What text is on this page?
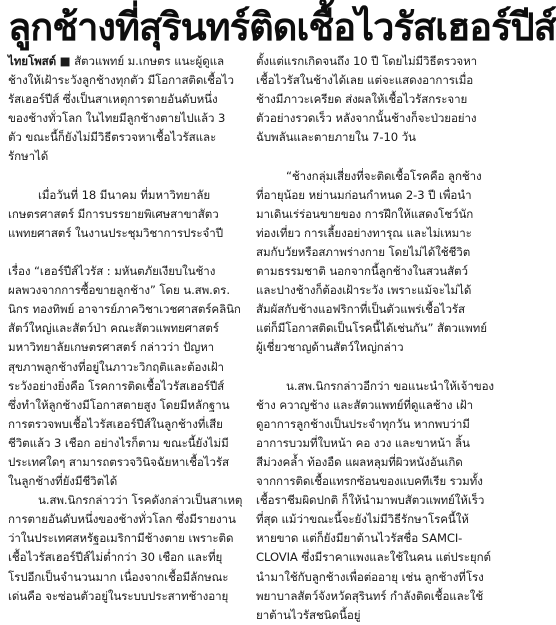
ลูกช้างที่สุรินทร์ติดเชื้อไวรัสเฮอร์ปีส์
ไทยโพสต์ ■ สัตวแพทย์ ม.เกษตร แนะผู้ดูแล
ช้างให้เฝ้าระวังลูกช้างทุกตัว มีโอกาสติดเชื้อไว
รัสเฮอร์ปีส์ ซึ่งเป็นสาเหตุการตายอันดับหนึ่ง
ของช้างทั่วโลก ในไทยมีลูกช้างตายไปแล้ว 3
ตัว ขณะนี้ก็ยังไม่มีวิธีตรวจหาเชื้อไวรัสและ
รักษาได้
เมื่อวันที่ 18 มีนาคม ที่มหาวิทยาลัย
เกษตรศาสตร์ มีการบรรยายพิเศษสาขาสัตว
แพทยศาสตร์ ในงานประชุมวิชาการประจำปี
เรื่อง “เฮอร์ปีส์ไวรัส : มหันตภัยเงียบในช้าง
ผลพวงจากการซื้อขายลูกช้าง” โดย น.สพ.ดร.
นิกร ทองทิพย์ อาจารย์ภาควิชาเวชศาสตร์คลินิก
สัตว์ใหญ่และสัตว์ป่า คณะสัตวแพทยศาสตร์
มหาวิทยาลัยเกษตรศาสตร์ กล่าวว่า ปัญหา
สุขภาพลูกช้างที่อยู่ในภาวะวิกฤติและต้องเฝ้า
ระวังอย่างยิ่งคือ โรคการติดเชื้อไวรัสเฮอร์ปีส์
ซึ่งทำให้ลูกช้างมีโอกาสตายสูง โดยมีหลักฐาน
การตรวจพบเชื้อไวรัสเฮอร์ปีส์ในลูกช้างที่เสีย
ชีวิตแล้ว 3 เชือก อย่างไรก็ตาม ขณะนี้ยังไม่มี
ประเทศใดๆ สามารถตรวจวินิจฉัยหาเชื้อไวรัส
ในลูกช้างที่ยังมีชีวิตได้
น.สพ.นิกรกล่าวว่า โรคดังกล่าวเป็นสาเหตุ
การตายอันดับหนึ่งของช้างทั่วโลก ซึ่งมีรายงาน
ว่าในประเทศสหรัฐอเมริกามีช้างตาย เพราะติด
เชื้อไวรัสเฮอร์ปีส์ไม่ต่ำกว่า 30 เชือก และที่ยุ
โรปอีกเป็นจำนวนมาก เนื่องจากเชื้อมีลักษณะ
เด่นคือ จะซ่อนตัวอยู่ในระบบประสาทช้างอายุ
ตั้งแต่แรกเกิดจนถึง 10 ปี โดยไม่มีวิธีตรวจหา
เชื้อไวรัสในช้างได้เลย แต่จะแสดงอาการเมื่อ
ช้างมีภาวะเครียด ส่งผลให้เชื้อไวรัสกระจาย
ตัวอย่างรวดเร็ว หลังจากนั้นช้างก็จะป่วยอย่าง
ฉับพลันและตายภายใน 7-10 วัน
“ช้างกลุ่มเสี่ยงที่จะติดเชื้อโรคคือ ลูกช้าง
ที่อายุน้อย หย่านมก่อนกำหนด 2-3 ปี เพื่อนำ
มาเดินเร่ร่อนขายของ การฝึกให้แสดงโชว์นัก
ท่องเที่ยว การเลี้ยงอย่างทารุณ และไม่เหมาะ
สมกับวัยหรือสภาพร่างกาย โดยไม่ได้ใช้ชีวิต
ตามธรรมชาติ นอกจากนี้ลูกช้างในสวนสัตว์
และปางช้างก็ต้องเฝ้าระวัง เพราะแม้จะไม่ได้
สัมผัสกับช้างแอฟริกาที่เป็นตัวแพร่เชื้อไวรัส
แต่ก็มีโอกาสติดเป็นโรคนี้ได้เช่นกัน” สัตวแพทย์
ผู้เชี่ยวชาญด้านสัตว์ใหญ่กล่าว
น.สพ.นิกรกล่าวอีกว่า ขอแนะนำให้เจ้าของ
ช้าง ควาญช้าง และสัตวแพทย์ที่ดูแลช้าง เฝ้า
ดูอาการลูกช้างเป็นประจำทุกวัน หากพบว่ามี
อาการบวมที่ใบหน้า คอ งวง และขาหน้า ลิ้น
สีม่วงคล้ำ ท้องอืด แผลหลุมที่ผิวหนังอันเกิด
จากการติดเชื้อแทรกซ้อนของแบคทีเรีย รวมทั้ง
เชื้อราชีมผิดปกติ ก็ให้นำมาพบสัตวแพทย์ให้เร็ว
ที่สุด แม้ว่าขณะนี้จะยังไม่มีวิธีรักษาโรคนี้ให้
หายขาด แต่ก็ยังมียาต้านไวรัสชื่อ SAMCI-
CLOVIA ซึ่งมีราคาแพงและใช้ในคน แต่ประยุกต์
นำมาใช้กับลูกช้างเพื่อต่ออายุ เช่น ลูกช้างที่โรง
พยาบาลสัตว์จังหวัดสุรินทร์ กำลังติดเชื้อและใช้
ยาต้านไวรัสชนิดนี้อยู่
